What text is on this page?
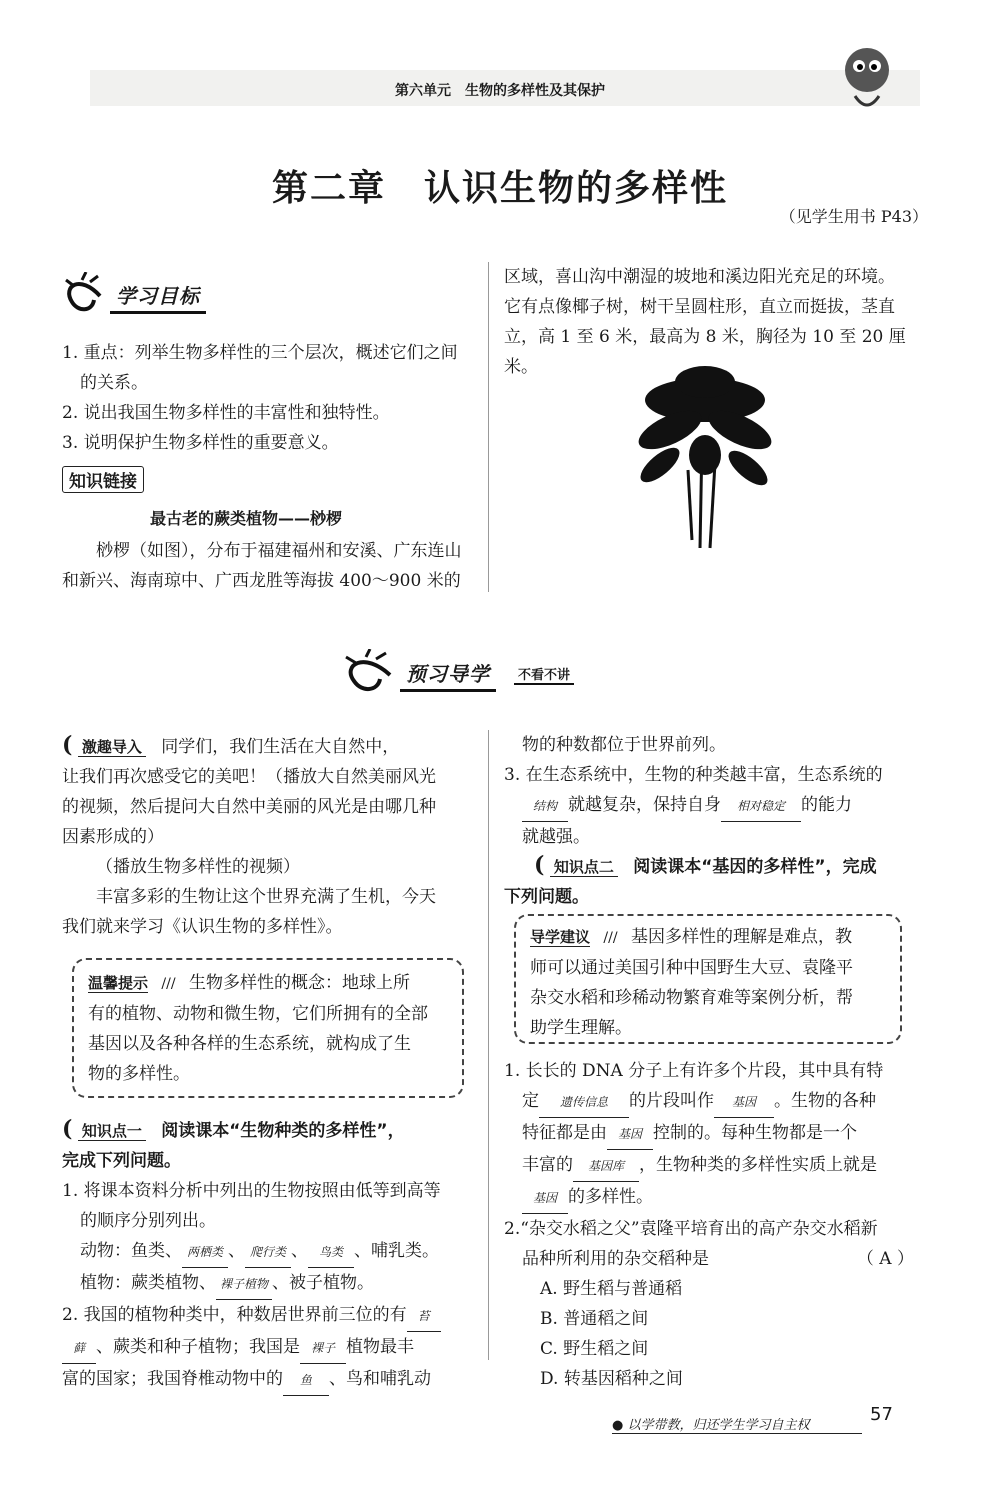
第六单元　生物的多样性及其保护
第二章　认识生物的多样性
（见学生用书 P43）
学习目标
1. 重点：列举生物多样性的三个层次，概述它们之间
的关系。
2. 说出我国生物多样性的丰富性和独特性。
3. 说明保护生物多样性的重要意义。
知识链接
最古老的蕨类植物——桫椤
桫椤（如图），分布于福建福州和安溪、广东连山
和新兴、海南琼中、广西龙胜等海拔 400～900 米的
区域，喜山沟中潮湿的坡地和溪边阳光充足的环境。
它有点像椰子树，树干呈圆柱形，直立而挺拔，茎直
立，高 1 至 6 米，最高为 8 米，胸径为 10 至 20 厘米。
预习导学	不看不讲
( 激趣导入 同学们，我们生活在大自然中，
让我们再次感受它的美吧！（播放大自然美丽风光
的视频，然后提问大自然中美丽的风光是由哪几种
因素形成的）
（播放生物多样性的视频）
丰富多彩的生物让这个世界充满了生机，今天
我们就来学习《认识生物的多样性》。
温馨提示 /// 生物多样性的概念：地球上所
有的植物、动物和微生物，它们所拥有的全部
基因以及各种各样的生态系统，就构成了生
物的多样性。
( 知识点一 阅读课本“生物种类的多样性”，
完成下列问题。
1. 将课本资料分析中列出的生物按照由低等到高等
的顺序分别列出。
动物：鱼类、 两栖类 、 爬行类 、 鸟类 、哺乳类。
植物：蕨类植物、 裸子植物 、被子植物。
2. 我国的植物种类中，种数居世界前三位的有 苔
藓 、蕨类和种子植物；我国是 裸子 植物最丰
富的国家；我国脊椎动物中的 鱼 、鸟和哺乳动
物的种数都位于世界前列。
3. 在生态系统中，生物的种类越丰富，生态系统的
结构 就越复杂，保持自身 相对稳定 的能力
就越强。
( 知识点二 阅读课本“基因的多样性”，完成
下列问题。
导学建议 /// 基因多样性的理解是难点，教
师可以通过美国引种中国野生大豆、袁隆平
杂交水稻和珍稀动物繁育难等案例分析，帮
助学生理解。
1. 长长的 DNA 分子上有许多个片段，其中具有特
定 遗传信息 的片段叫作 基因 。生物的各种
特征都是由 基因 控制的。每种生物都是一个
丰富的 基因库 ，生物种类的多样性实质上就是
基因 的多样性。
2.“杂交水稻之父”袁隆平培育出的高产杂交水稻新
品种所利用的杂交稻种是	（ A ）
A. 野生稻与普通稻
B. 普通稻之间
C. 野生稻之间
D. 转基因稻种之间
● 以学带教，归还学生学习自主权
57
